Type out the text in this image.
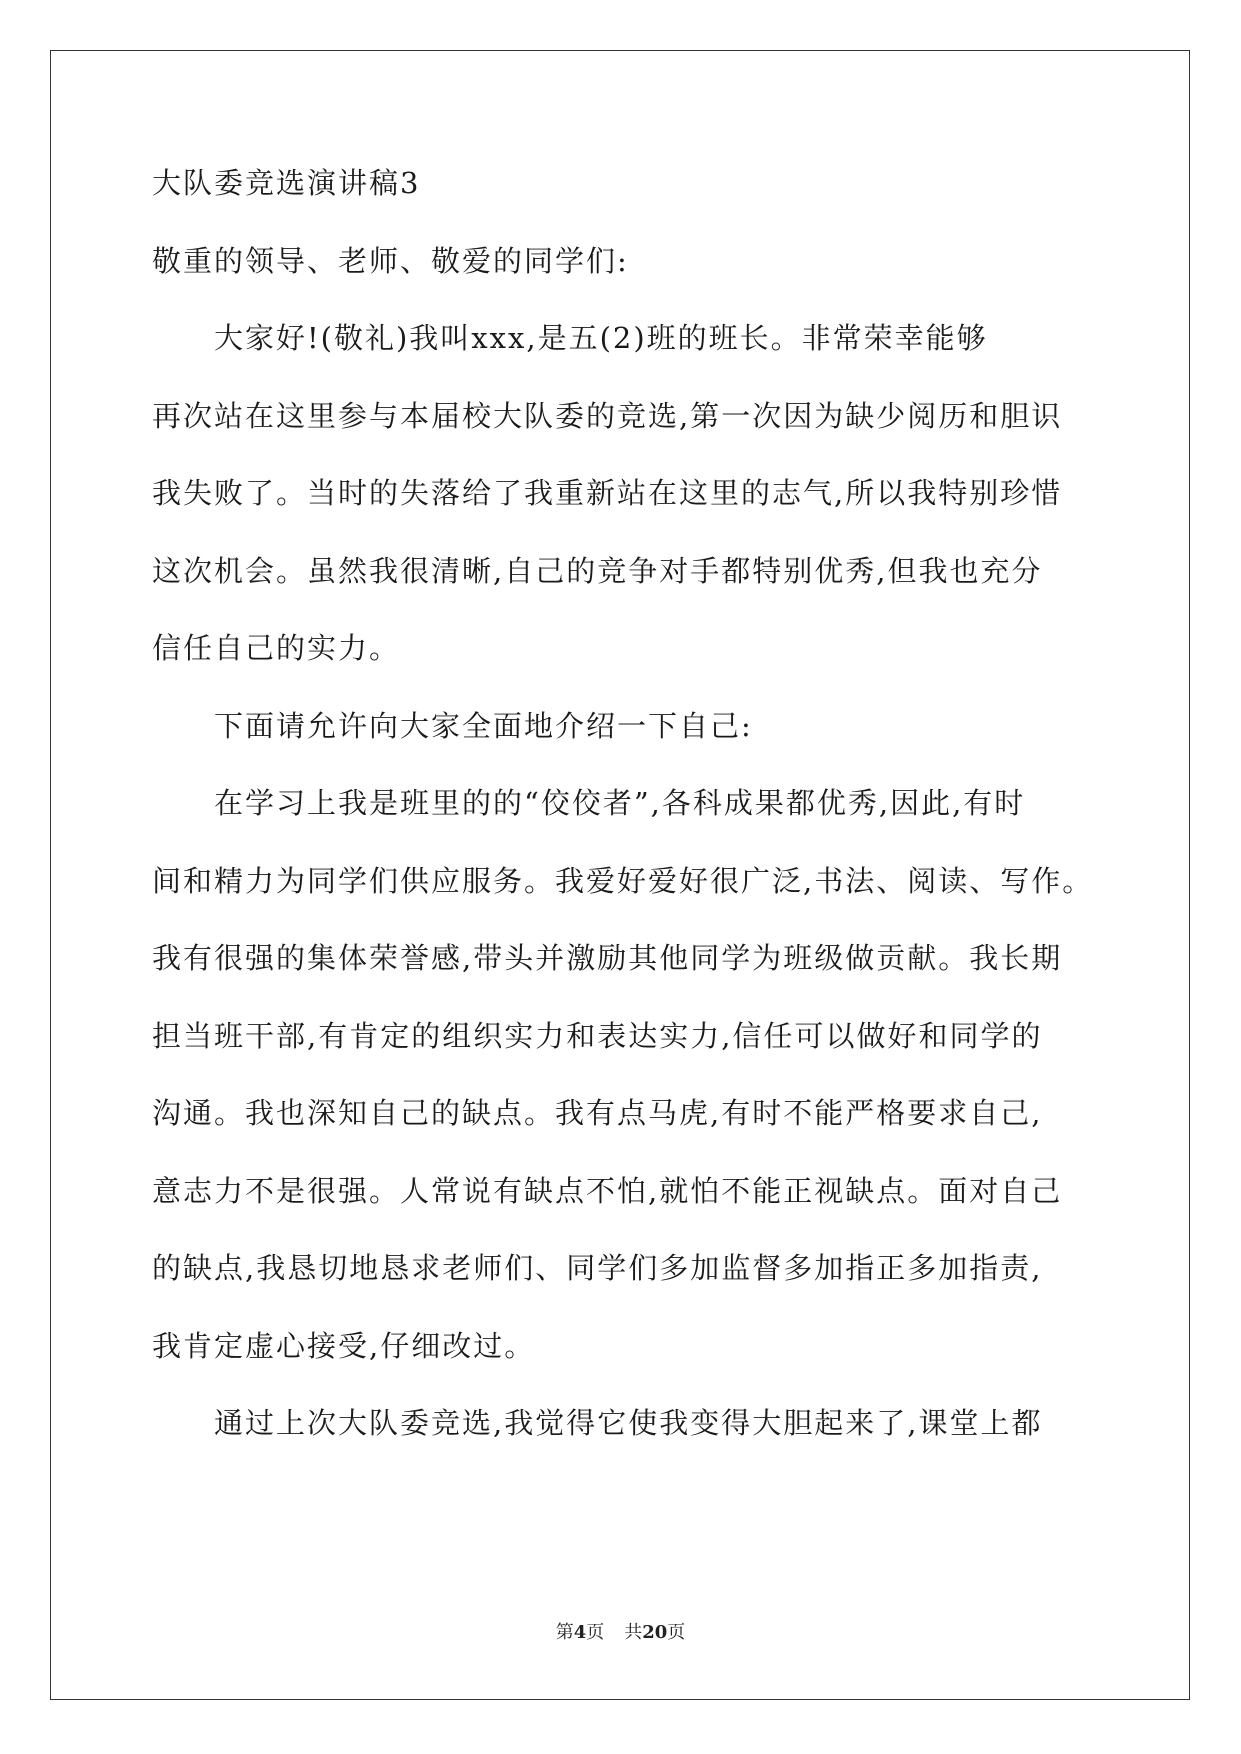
大队委竞选演讲稿3
敬重的领导、老师、敬爱的同学们:
大家好!(敬礼)我叫xxx,是五(2)班的班长。非常荣幸能够
再次站在这里参与本届校大队委的竞选,第一次因为缺少阅历和胆识
我失败了。当时的失落给了我重新站在这里的志气,所以我特别珍惜
这次机会。虽然我很清晰,自己的竞争对手都特别优秀,但我也充分
信任自己的实力。
下面请允许向大家全面地介绍一下自己:
在学习上我是班里的的“佼佼者”,各科成果都优秀,因此,有时
间和精力为同学们供应服务。我爱好爱好很广泛,书法、阅读、写作。
我有很强的集体荣誉感,带头并激励其他同学为班级做贡献。我长期
担当班干部,有肯定的组织实力和表达实力,信任可以做好和同学的
沟通。我也深知自己的缺点。我有点马虎,有时不能严格要求自己,
意志力不是很强。人常说有缺点不怕,就怕不能正视缺点。面对自己
的缺点,我恳切地恳求老师们、同学们多加监督多加指正多加指责,
我肯定虚心接受,仔细改过。
通过上次大队委竞选,我觉得它使我变得大胆起来了,课堂上都
第4页 共20页
